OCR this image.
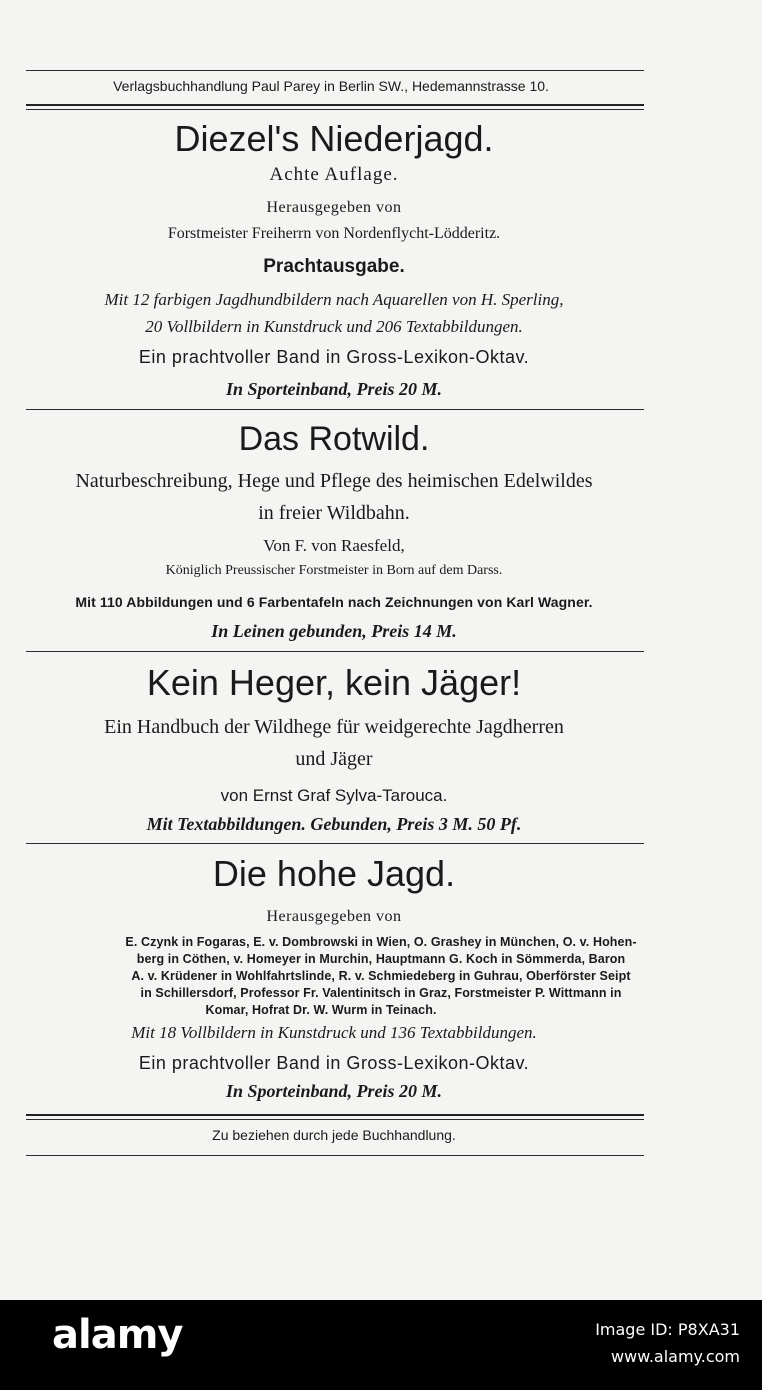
Verlagsbuchhandlung Paul Parey in Berlin SW., Hedemannstrasse 10.
Diezel's Niederjagd.
Achte Auflage.
Herausgegeben von
Forstmeister Freiherrn von Nordenflycht-Lödderitz.
Prachtausgabe.
Mit 12 farbigen Jagdhundbildern nach Aquarellen von H. Sperling,
20 Vollbildern in Kunstdruck und 206 Textabbildungen.
Ein prachtvoller Band in Gross-Lexikon-Oktav.
In Sporteinband, Preis 20 M.
Das Rotwild.
Naturbeschreibung, Hege und Pflege des heimischen Edelwildes
in freier Wildbahn.
Von F. von Raesfeld,
Königlich Preussischer Forstmeister in Born auf dem Darss.
Mit 110 Abbildungen und 6 Farbentafeln nach Zeichnungen von Karl Wagner.
In Leinen gebunden, Preis 14 M.
Kein Heger, kein Jäger!
Ein Handbuch der Wildhege für weidgerechte Jagdherren
und Jäger
von Ernst Graf Sylva-Tarouca.
Mit Textabbildungen. Gebunden, Preis 3 M. 50 Pf.
Die hohe Jagd.
Herausgegeben von
E. Czynk in Fogaras, E. v. Dombrowski in Wien, O. Grashey in München, O. v. Hohen-
berg in Cöthen, v. Homeyer in Murchin, Hauptmann G. Koch in Sömmerda, Baron
A. v. Krüdener in Wohlfahrtslinde, R. v. Schmiedeberg in Guhrau, Oberförster Seipt
in Schillersdorf, Professor Fr. Valentinitsch in Graz, Forstmeister P. Wittmann in
Komar, Hofrat Dr. W. Wurm in Teinach.
Mit 18 Vollbildern in Kunstdruck und 136 Textabbildungen.
Ein prachtvoller Band in Gross-Lexikon-Oktav.
In Sporteinband, Preis 20 M.
Zu beziehen durch jede Buchhandlung.
alamy	Image ID: P8XA31
www.alamy.com
